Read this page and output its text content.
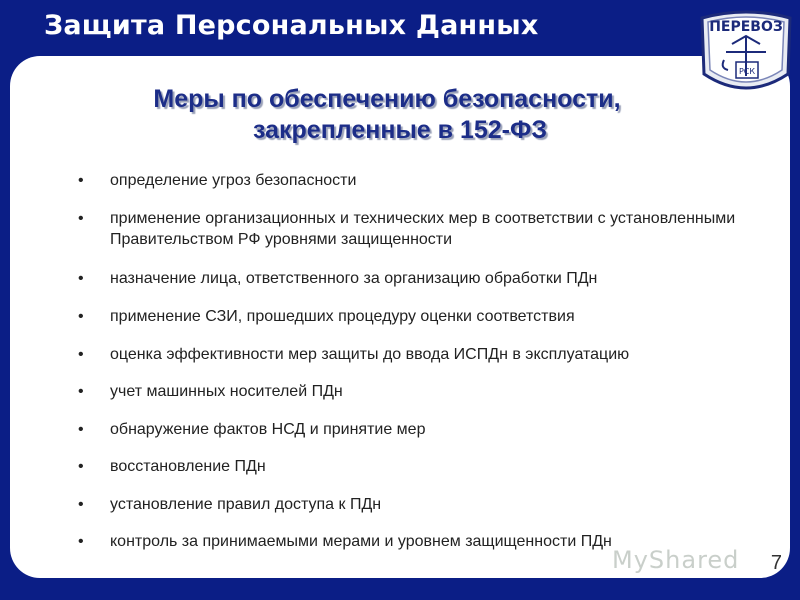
Защита Персональных Данных	ПЕРЕВОЗ
РСК
Меры по обеспечению безопасности,
закрепленные в 152-ФЗ
• определение угроз безопасности
• применение организационных и технических мер в соответствии с установленными Правительством РФ уровнями защищенности
• назначение лица, ответственного за организацию обработки ПДн
• применение СЗИ, прошедших процедуру оценки соответствия
• оценка эффективности мер защиты до ввода ИСПДн в эксплуатацию
• учет машинных носителей ПДн
• обнаружение фактов НСД и принятие мер
• восстановление ПДн
• установление правил доступа к ПДн
• контроль за принимаемыми мерами и уровнем защищенности ПДн
MyShared 7
